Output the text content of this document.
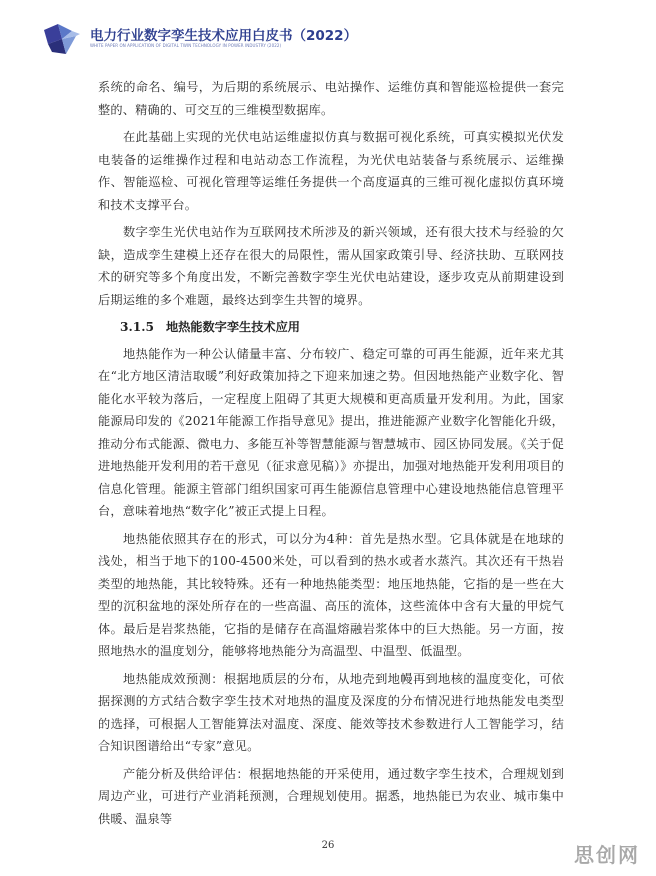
电力行业数字孪生技术应用白皮书（2022）
WHITE PAPER ON APPLICATION OF DIGITAL TWIN TECHNOLOGY IN POWER INDUSTRY (2022)

系统的命名、编号，为后期的系统展示、电站操作、运维仿真和智能巡检提供一套完整的、精确的、可交互的三维模型数据库。

在此基础上实现的光伏电站运维虚拟仿真与数据可视化系统，可真实模拟光伏发电装备的运维操作过程和电站动态工作流程，为光伏电站装备与系统展示、运维操作、智能巡检、可视化管理等运维任务提供一个高度逼真的三维可视化虚拟仿真环境和技术支撑平台。

数字孪生光伏电站作为互联网技术所涉及的新兴领域，还有很大技术与经验的欠缺，造成孪生建模上还存在很大的局限性，需从国家政策引导、经济扶助、互联网技术的研究等多个角度出发，不断完善数字孪生光伏电站建设，逐步攻克从前期建设到后期运维的多个难题，最终达到孪生共智的境界。

3.1.5 地热能数字孪生技术应用

地热能作为一种公认储量丰富、分布较广、稳定可靠的可再生能源，近年来尤其在“北方地区清洁取暖”利好政策加持之下迎来加速之势。但因地热能产业数字化、智能化水平较为落后，一定程度上阻碍了其更大规模和更高质量开发利用。为此，国家能源局印发的《2021年能源工作指导意见》提出，推进能源产业数字化智能化升级，推动分布式能源、微电力、多能互补等智慧能源与智慧城市、园区协同发展。《关于促进地热能开发利用的若干意见（征求意见稿）》亦提出，加强对地热能开发利用项目的信息化管理。能源主管部门组织国家可再生能源信息管理中心建设地热能信息管理平台，意味着地热“数字化”被正式提上日程。

地热能依照其存在的形式，可以分为4种：首先是热水型。它具体就是在地球的浅处，相当于地下的100-4500米处，可以看到的热水或者水蒸汽。其次还有干热岩类型的地热能，其比较特殊。还有一种地热能类型：地压地热能，它指的是一些在大型的沉积盆地的深处所存在的一些高温、高压的流体，这些流体中含有大量的甲烷气体。最后是岩浆热能，它指的是储存在高温熔融岩浆体中的巨大热能。另一方面，按照地热水的温度划分，能够将地热能分为高温型、中温型、低温型。

地热能成效预测：根据地质层的分布，从地壳到地幔再到地核的温度变化，可依据探测的方式结合数字孪生技术对地热的温度及深度的分布情况进行地热能发电类型的选择，可根据人工智能算法对温度、深度、能效等技术参数进行人工智能学习，结合知识图谱给出“专家”意见。

产能分析及供给评估：根据地热能的开采使用，通过数字孪生技术，合理规划到周边产业，可进行产业消耗预测，合理规划使用。据悉，地热能已为农业、城市集中供暖、温泉等

26	思创网
